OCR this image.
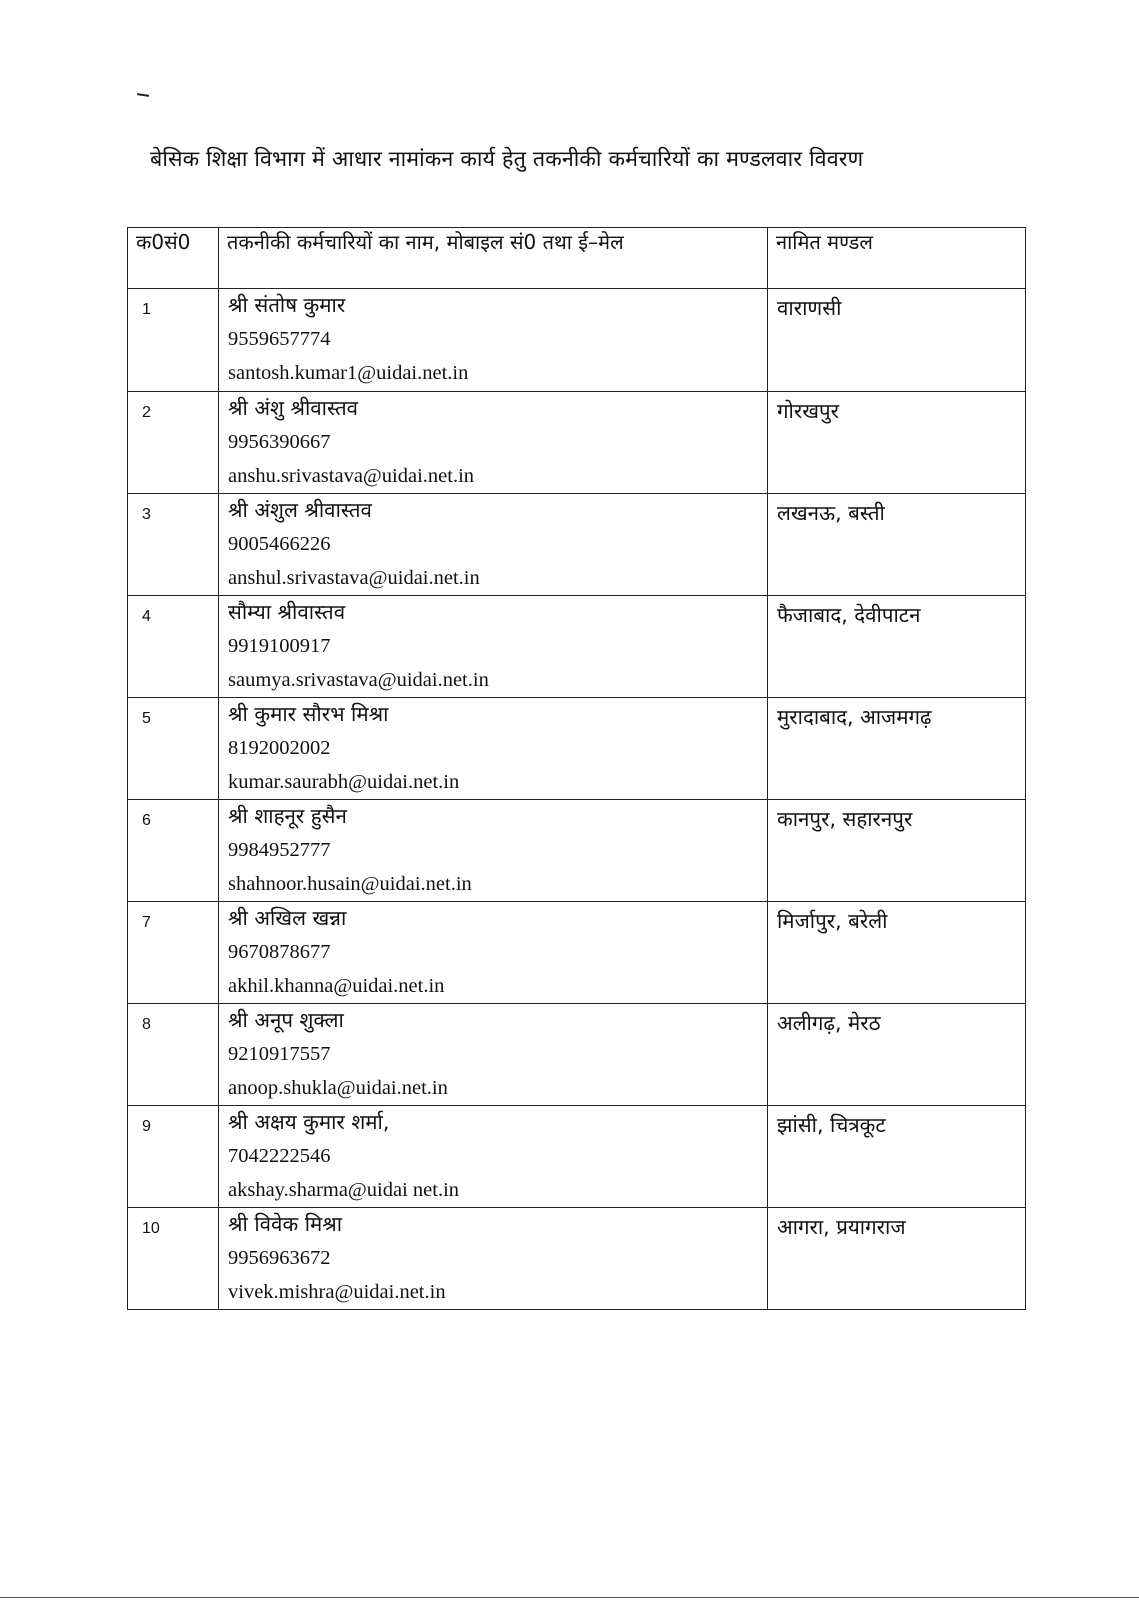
बेसिक शिक्षा विभाग में आधार नामांकन कार्य हेतु तकनीकी कर्मचारियों का मण्डलवार विवरण
क0सं0	तकनीकी कर्मचारियों का नाम, मोबाइल सं0 तथा ई–मेल	नामित मण्डल

1	श्री संतोष कुमार
9559657774
santosh.kumar1@uidai.net.in	वाराणसी

2	श्री अंशु श्रीवास्तव
9956390667
anshu.srivastava@uidai.net.in	गोरखपुर

3	श्री अंशुल श्रीवास्तव
9005466226
anshul.srivastava@uidai.net.in	लखनऊ, बस्ती

4	सौम्या श्रीवास्तव
9919100917
saumya.srivastava@uidai.net.in	फैजाबाद, देवीपाटन

5	श्री कुमार सौरभ मिश्रा
8192002002
kumar.saurabh@uidai.net.in	मुरादाबाद, आजमगढ़

6	श्री शाहनूर हुसैन
9984952777
shahnoor.husain@uidai.net.in	कानपुर, सहारनपुर

7	श्री अखिल खन्ना
9670878677
akhil.khanna@uidai.net.in	मिर्जापुर, बरेली

8	श्री अनूप शुक्ला
9210917557
anoop.shukla@uidai.net.in	अलीगढ़, मेरठ

9	श्री अक्षय कुमार शर्मा,
7042222546
akshay.sharma@uidai net.in	झांसी, चित्रकूट

10	श्री विवेक मिश्रा
9956963672
vivek.mishra@uidai.net.in	आगरा, प्रयागराज
